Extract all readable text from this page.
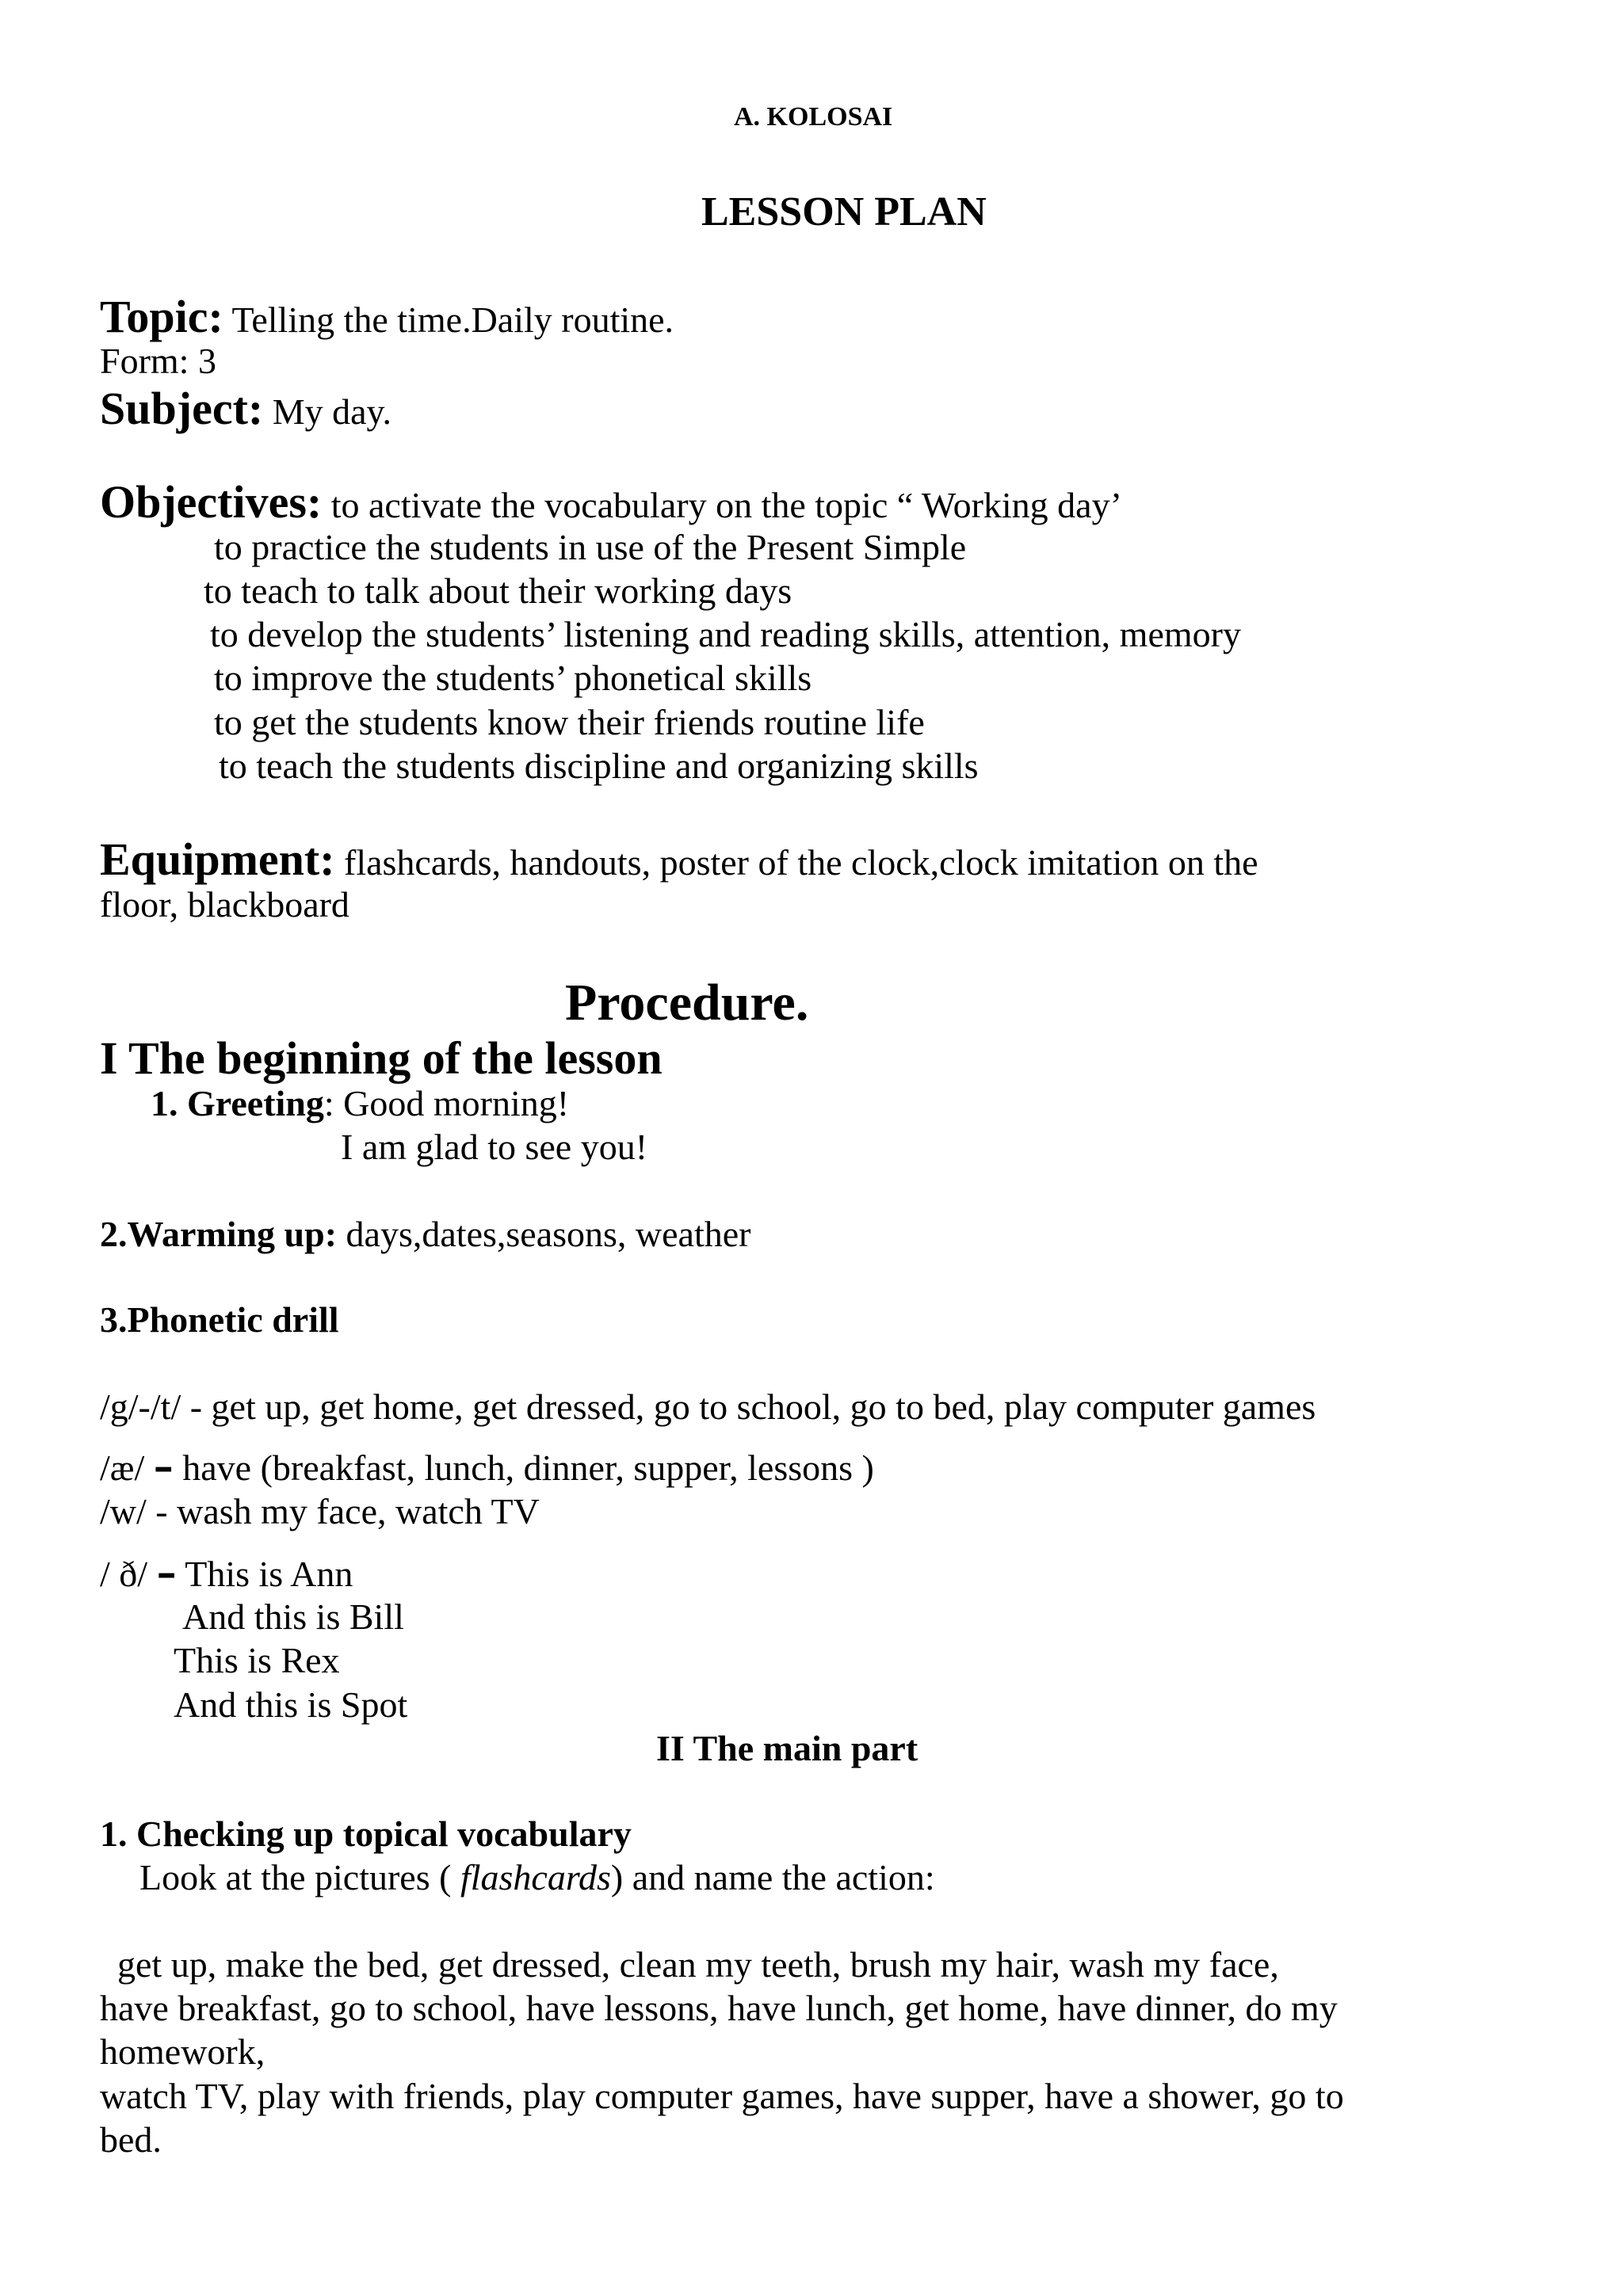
A. KOLOSAI
LESSON PLAN
Topic: Telling the time.Daily routine.
Form: 3
Subject: My day.
Objectives: to activate the vocabulary on the topic “ Working day’
to practice the students in use of the Present Simple
to teach to talk about their working days
to develop the students’ listening and reading skills, attention, memory
to improve the students’ phonetical skills
to get the students know their friends routine life
to teach the students discipline and organizing skills
Equipment: flashcards, handouts, poster of the clock,clock imitation on the
floor, blackboard
Procedure.
I The beginning of the lesson
1. Greeting: Good morning!
I am glad to see you!
2.Warming up: days,dates,seasons, weather
3.Phonetic drill
/g/-/t/ - get up, get home, get dressed, go to school, go to bed, play computer games
/æ/ – have (breakfast, lunch, dinner, supper, lessons )
/w/ - wash my face, watch TV
/ ð/ – This is Ann
And this is Bill
This is Rex
And this is Spot
II The main part
1. Checking up topical vocabulary
Look at the pictures ( flashcards) and name the action:
get up, make the bed, get dressed, clean my teeth, brush my hair, wash my face,
have breakfast, go to school, have lessons, have lunch, get home, have dinner, do my
homework,
watch TV, play with friends, play computer games, have supper, have a shower, go to
bed.
